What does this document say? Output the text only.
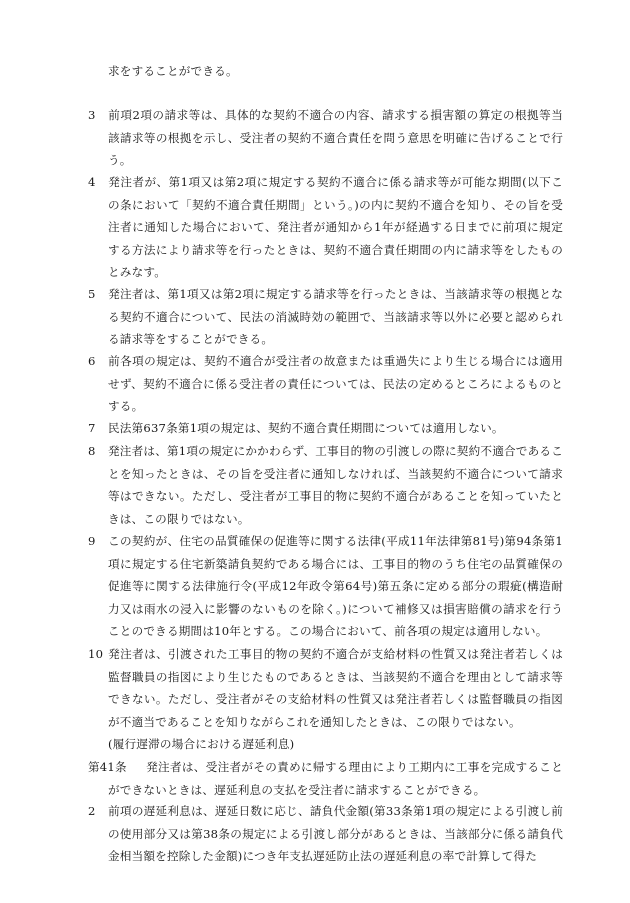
求をすることができる。

3 前項2項の請求等は、具体的な契約不適合の内容、請求する損害額の算定の根拠等当該請求等の根拠を示し、受注者の契約不適合責任を問う意思を明確に告げることで行う。

4 発注者が、第1項又は第2項に規定する契約不適合に係る請求等が可能な期間(以下この条において「契約不適合責任期間」という。)の内に契約不適合を知り、その旨を受注者に通知した場合において、発注者が通知から1年が経過する日までに前項に規定する方法により請求等を行ったときは、契約不適合責任期間の内に請求等をしたものとみなす。

5 発注者は、第1項又は第2項に規定する請求等を行ったときは、当該請求等の根拠となる契約不適合について、民法の消滅時効の範囲で、当該請求等以外に必要と認められる請求等をすることができる。

6 前各項の規定は、契約不適合が受注者の故意または重過失により生じる場合には適用せず、契約不適合に係る受注者の責任については、民法の定めるところによるものとする。

7 民法第637条第1項の規定は、契約不適合責任期間については適用しない。

8 発注者は、第1項の規定にかかわらず、工事目的物の引渡しの際に契約不適合であることを知ったときは、その旨を受注者に通知しなければ、当該契約不適合について請求等はできない。ただし、受注者が工事目的物に契約不適合があることを知っていたときは、この限りではない。

9 この契約が、住宅の品質確保の促進等に関する法律(平成11年法律第81号)第94条第1項に規定する住宅新築請負契約である場合には、工事目的物のうち住宅の品質確保の促進等に関する法律施行令(平成12年政令第64号)第五条に定める部分の瑕疵(構造耐力又は雨水の浸入に影響のないものを除く。)について補修又は損害賠償の請求を行うことのできる期間は10年とする。この場合において、前各項の規定は適用しない。

10 発注者は、引渡された工事目的物の契約不適合が支給材料の性質又は発注者若しくは監督職員の指図により生じたものであるときは、当該契約不適合を理由として請求等できない。ただし、受注者がその支給材料の性質又は発注者若しくは監督職員の指図が不適当であることを知りながらこれを通知したときは、この限りではない。

(履行遅滞の場合における遅延利息)

第41条 発注者は、受注者がその責めに帰する理由により工期内に工事を完成することができないときは、遅延利息の支払を受注者に請求することができる。

2 前項の遅延利息は、遅延日数に応じ、請負代金額(第33条第1項の規定による引渡し前の使用部分又は第38条の規定による引渡し部分があるときは、当該部分に係る請負代金相当額を控除した金額)につき年支払遅延防止法の遅延利息の率で計算して得た
